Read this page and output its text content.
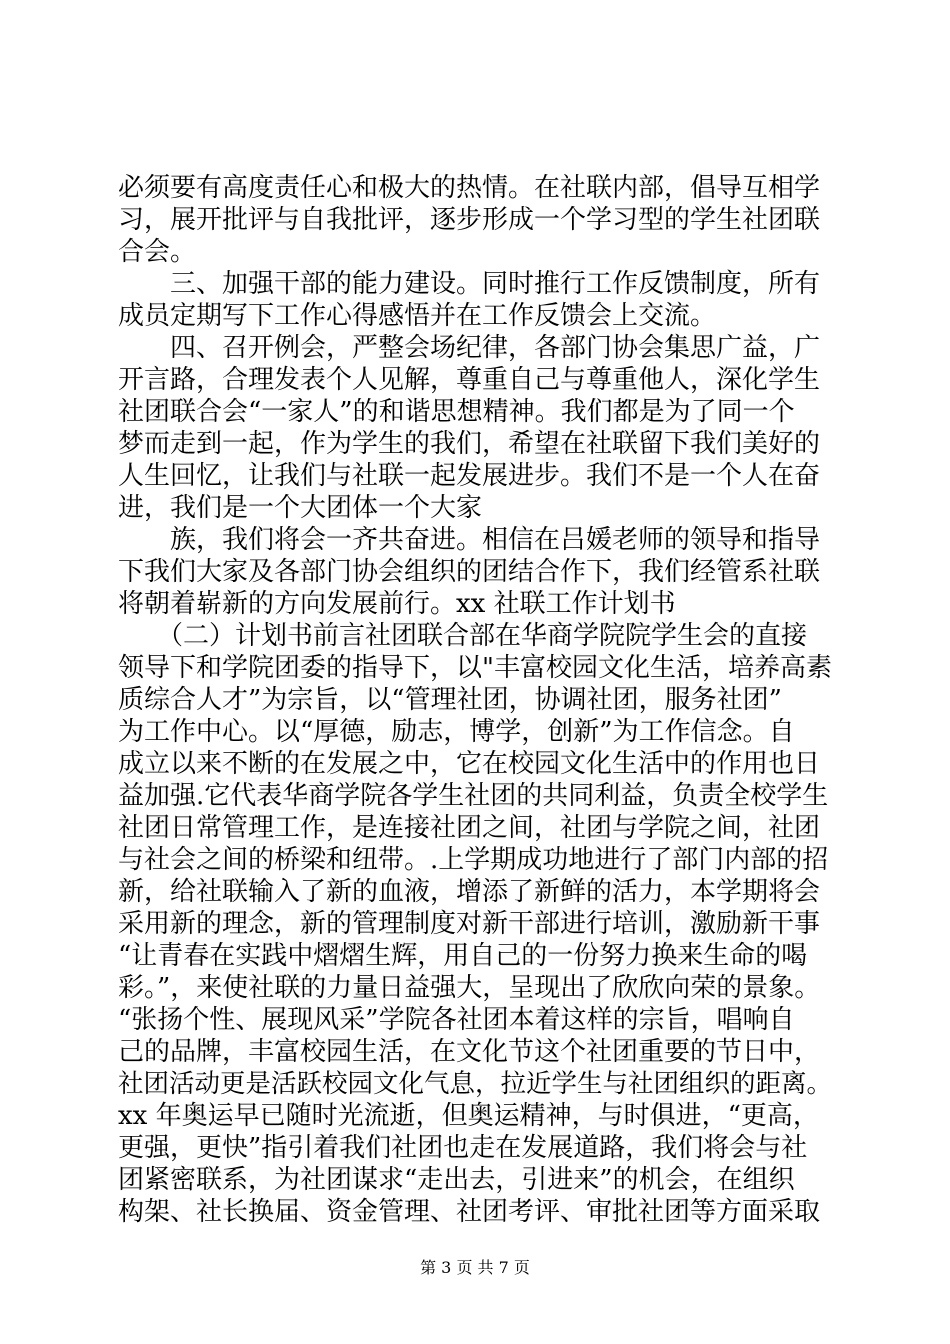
必须要有高度责任心和极大的热情。在社联内部，倡导互相学
习，展开批评与自我批评，逐步形成一个学习型的学生社团联
合会。
　　三、加强干部的能力建设。同时推行工作反馈制度，所有
成员定期写下工作心得感悟并在工作反馈会上交流。
　　四、召开例会，严整会场纪律，各部门协会集思广益，广
开言路，合理发表个人见解，尊重自己与尊重他人，深化学生
社团联合会“一家人”的和谐思想精神。我们都是为了同一个
梦而走到一起，作为学生的我们，希望在社联留下我们美好的
人生回忆，让我们与社联一起发展进步。我们不是一个人在奋
进，我们是一个大团体一个大家
　　族，我们将会一齐共奋进。相信在吕媛老师的领导和指导
下我们大家及各部门协会组织的团结合作下，我们经管系社联
将朝着崭新的方向发展前行。xx 社联工作计划书
　　（二）计划书前言社团联合部在华商学院院学生会的直接
领导下和学院团委的指导下，以"丰富校园文化生活，培养高素
质综合人才”为宗旨，以“管理社团，协调社团，服务社团”
为工作中心。以“厚德，励志，博学，创新”为工作信念。自
成立以来不断的在发展之中，它在校园文化生活中的作用也日
益加强.它代表华商学院各学生社团的共同利益，负责全校学生
社团日常管理工作，是连接社团之间，社团与学院之间，社团
与社会之间的桥梁和纽带。.上学期成功地进行了部门内部的招
新，给社联输入了新的血液，增添了新鲜的活力，本学期将会
采用新的理念，新的管理制度对新干部进行培训，激励新干事
“让青春在实践中熠熠生辉，用自己的一份努力换来生命的喝
彩。”，来使社联的力量日益强大，呈现出了欣欣向荣的景象。
“张扬个性、展现风采”学院各社团本着这样的宗旨，唱响自
己的品牌，丰富校园生活，在文化节这个社团重要的节日中，
社团活动更是活跃校园文化气息，拉近学生与社团组织的距离。
xx 年奥运早已随时光流逝，但奥运精神，与时俱进，“更高，
更强，更快”指引着我们社团也走在发展道路，我们将会与社
团紧密联系，为社团谋求“走出去，引进来”的机会，在组织
构架、社长换届、资金管理、社团考评、审批社团等方面采取
第 3 页 共 7 页
